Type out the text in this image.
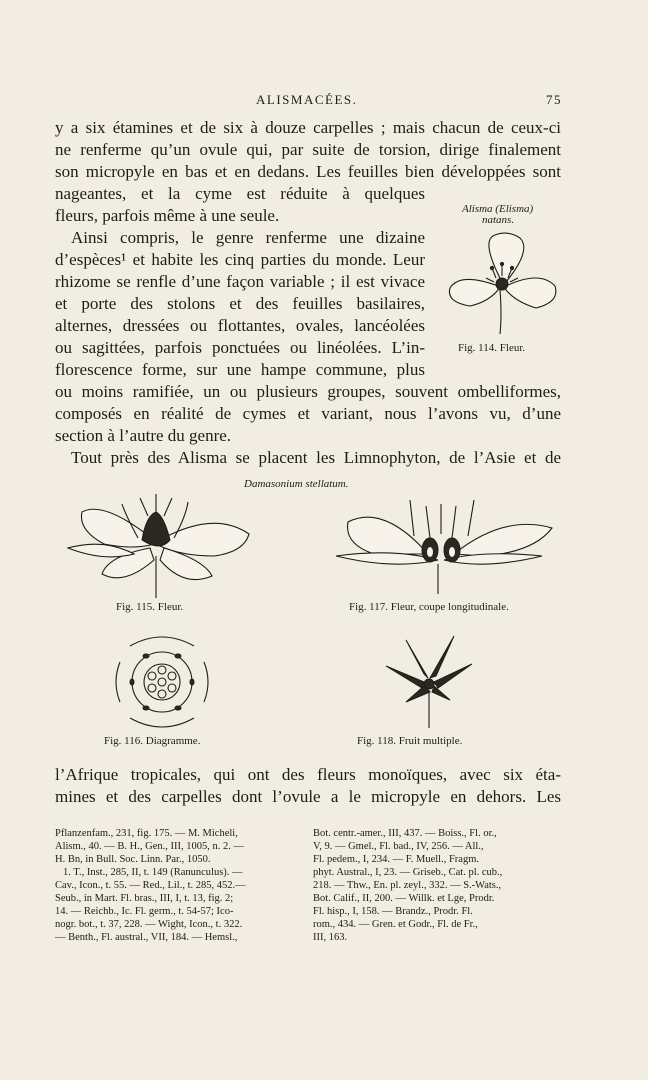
ALISMACÉES.	75
y a six étamines et de six à douze carpelles ; mais chacun de ceux-ci
ne renferme qu’un ovule qui, par suite de torsion, dirige finalement
son micropyle en bas et en dedans. Les feuilles bien développées sont
nageantes, et la cyme est réduite à quelques
fleurs, parfois même à une seule.
Ainsi compris, le genre renferme une dizaine
d’espèces¹ et habite les cinq parties du monde. Leur
rhizome se renfle d’une façon variable ; il est vivace
et porte des stolons et des feuilles basilaires,
alternes, dressées ou flottantes, ovales, lancéolées
ou sagittées, parfois ponctuées ou linéolées. L’in-
florescence forme, sur une hampe commune, plus
ou moins ramifiée, un ou plusieurs groupes, souvent ombelliformes,
composés en réalité de cymes et variant, nous l’avons vu, d’une
section à l’autre du genre.
Tout près des Alisma se placent les Limnophyton, de l’Asie et de
Alisma (Elisma)
natans.
Fig. 114. Fleur.
Damasonium stellatum.
Fig. 115. Fleur.	Fig. 117. Fleur, coupe longitudinale.
Fig. 116. Diagramme.	Fig. 118. Fruit multiple.
l’Afrique tropicales, qui ont des fleurs monoïques, avec six éta-
mines et des carpelles dont l’ovule a le micropyle en dehors. Les
Pflanzenfam., 231, fig. 175. — M. Micheli,
Alism., 40. — B. H., Gen., III, 1005, n. 2. —
H. Bn, in Bull. Soc. Linn. Par., 1050.
1. T., Inst., 285, II, t. 149 (Ranunculus). —
Cav., Icon., t. 55. — Red., Lil., t. 285, 452.—
Seub., in Mart. Fl. bras., III, I, t. 13, fig. 2;
14. — Reichb., Ic. Fl. germ., t. 54-57; Ico-
nogr. bot., t. 37, 228. — Wight, Icon., t. 322.
— Benth., Fl. austral., VII, 184. — Hemsl.,
Bot. centr.-amer., III, 437. — Boiss., Fl. or.,
V, 9. — Gmel., Fl. bad., IV, 256. — All.,
Fl. pedem., I, 234. — F. Muell., Fragm.
phyt. Austral., I, 23. — Griseb., Cat. pl. cub.,
218. — Thw., En. pl. zeyl., 332. — S.-Wats.,
Bot. Calif., II, 200. — Willk. et Lge, Prodr.
Fl. hisp., I, 158. — Brandz., Prodr. Fl.
rom., 434. — Gren. et Godr., Fl. de Fr.,
III, 163.
